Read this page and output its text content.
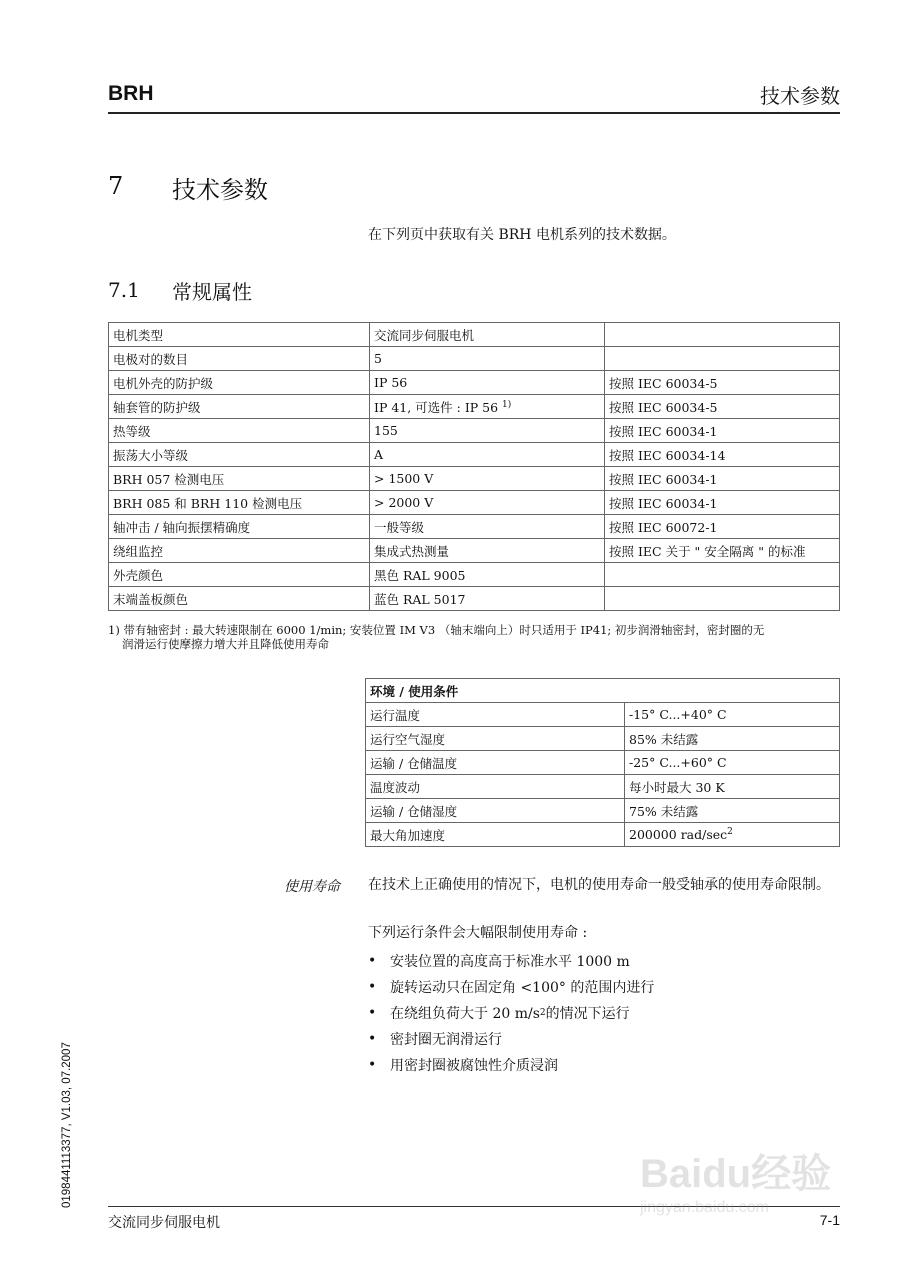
BRH	技术参数
7 技术参数
在下列页中获取有关 BRH 电机系列的技术数据。
7.1 常规属性
电机类型	交流同步伺服电机	
电极对的数目	5	
电机外壳的防护级	IP 56	按照 IEC 60034-5
轴套管的防护级	IP 41, 可选件 : IP 56 $^{1)}$	按照 IEC 60034-5
热等级	155	按照 IEC 60034-1
振荡大小等级	A	按照 IEC 60034-14
BRH 057 检测电压	> 1500 V	按照 IEC 60034-1
BRH 085 和 BRH 110 检测电压	> 2000 V	按照 IEC 60034-1
轴冲击 / 轴向振摆精确度	一般等级	按照 IEC 60072-1
绕组监控	集成式热测量	按照 IEC 关于 " 安全隔离 " 的标准
外壳颜色	黑色 RAL 9005	
末端盖板颜色	蓝色 RAL 5017	
1) 带有轴密封 : 最大转速限制在 6000 1/min; 安装位置 IM V3 （轴末端向上）时只适用于 IP41; 初步润滑轴密封，密封圈的无
润滑运行使摩擦力增大并且降低使用寿命
环境 / 使用条件	
运行温度	-15° C...+40° C
运行空气湿度	85% 未结露
运输 / 仓储温度	-25° C...+60° C
温度波动	每小时最大 30 K
运输 / 仓储湿度	75% 未结露
最大角加速度	200000 rad/$\sec^2$
使用寿命 在技术上正确使用的情况下，电机的使用寿命一般受轴承的使用寿命限制。
下列运行条件会大幅限制使用寿命 :
• 安装位置的高度高于标准水平 1000 m
• 旋转运动只在固定角 <100° 的范围内进行
• 在绕组负荷大于 20 m/s 2 的情况下运行
• 密封圈无润滑运行
• 用密封圈被腐蚀性介质浸润
0198441113377, V1.03, 07.2007
交流同步伺服电机	7-1
Baidu经验
jingyan.baidu.com
